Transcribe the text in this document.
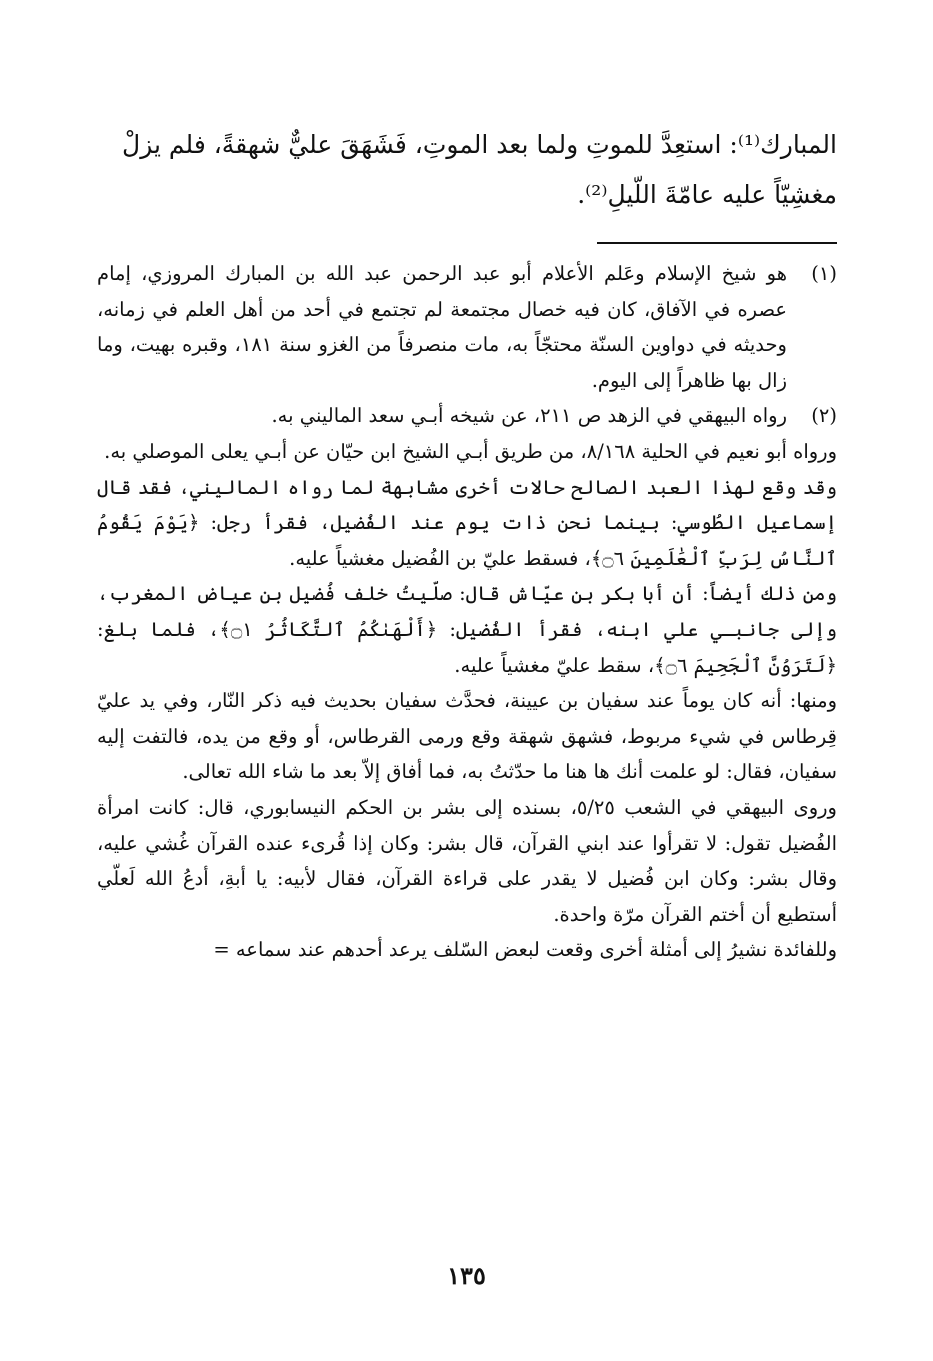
المبارك⁽¹⁾: استعِدَّ للموتِ ولما بعد الموتِ، فَشَهَقَ عليٌّ شهقةً، فلم يزلْ

مغشِيّاً عليه عامّةَ اللّيلِ⁽²⁾.

(١)
هو شيخ الإسلام وعَلم الأعلام أبو عبد الرحمن عبد الله بن المبارك المروزي، إمام عصره في الآفاق، كان فيه خصال مجتمعة لم تجتمع في أحد من أهل العلم في زمانه، وحديثه في دواوين السنّة محتجّاً به، مات منصرفاً من الغزو سنة ١٨١، وقبره بهيت، وما زال بها ظاهراً إلى اليوم.
(٢)
رواه البيهقي في الزهد ص ٢١١، عن شيخه أبـي سعد الماليني به.

ورواه أبو نعيم في الحلية ٨/١٦٨، من طريق أبـي الشيخ ابن حيّان عن أبـي يعلى الموصلي به.

وقد وقع لهذا العبد الصالح حالات أخرى مشابهة لما رواه الماليني، فقد قال إسماعيل الطُوسي: بينما نحن ذات يوم عند الفُضيل، فقرأ رجل: ﴿يَوْمَ يَقُومُ ٱلنَّاسُ لِرَبِّ ٱلْعَٰلَمِينَ ۝٦﴾، فسقط عليّ بن الفُضيل مغشياً عليه.

ومن ذلك أيضاً: أن أبا بكر بن عيّاش قال: صلّيتُ خلف فُضيل بن عياض المغرب، وإلى جانبـي علي ابنه، فقرأ الفُضيل: ﴿أَلْهَىٰكُمُ ٱلتَّكَاثُرُ ۝١﴾، فلما بلغ: ﴿لَتَرَوُنَّ ٱلْجَحِيمَ ۝٦﴾، سقط عليّ مغشياً عليه.

ومنها: أنه كان يوماً عند سفيان بن عيينة، فحدَّث سفيان بحديث فيه ذكر النّار، وفي يد عليّ قِرطاس في شيء مربوط، فشهق شهقة وقع ورمى القرطاس، أو وقع من يده، فالتفت إليه سفيان، فقال: لو علمت أنك ها هنا ما حدّثتُ به، فما أفاق إلاّ بعد ما شاء الله تعالى.

وروى البيهقي في الشعب ٥/٢٥، بسنده إلى بشر بن الحكم النيسابوري، قال: كانت امرأة الفُضيل تقول: لا تقرأوا عند ابني القرآن، قال بشر: وكان إذا قُرىء عنده القرآن غُشي عليه، وقال بشر: وكان ابن فُضيل لا يقدر على قراءة القرآن، فقال لأبيه: يا أبةِ، أدعُ الله لَعلّي أستطيع أن أختم القرآن مرّة واحدة.

وللفائدة نشيرُ إلى أمثلة أخرى وقعت لبعض السّلف يرعد أحدهم عند سماعه =

١٣٥
